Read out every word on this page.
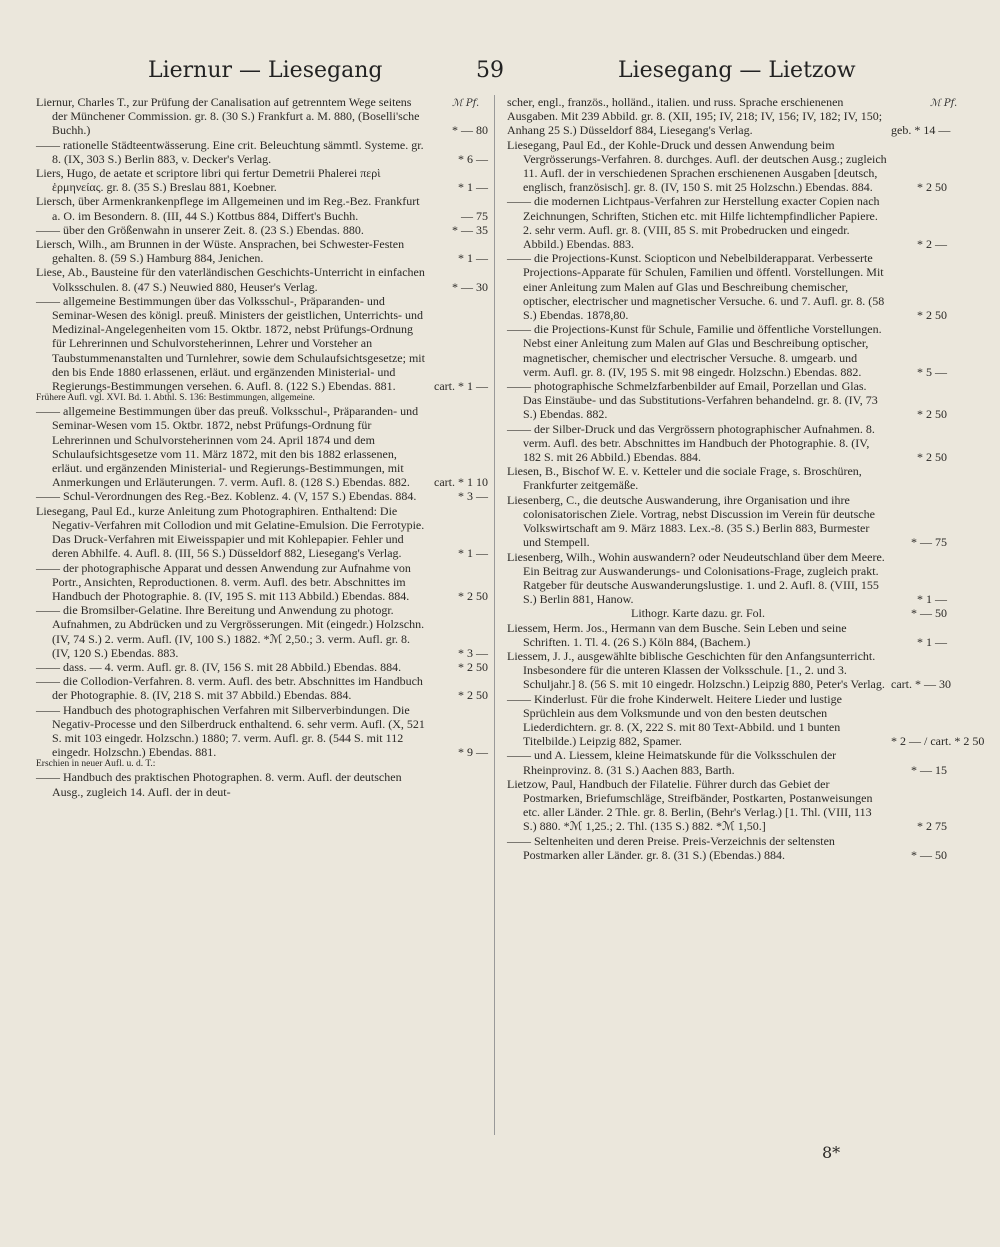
Liernur — Liesegang	59	Liesegang — Lietzow
ℳ Pf.	ℳ Pf.
Liernur, Charles T., zur Prüfung der Canalisation auf getrenntem Wege seitens der Münchener Commission. gr. 8. (30 S.) Frankfurt a. M. 880, (Boselli'sche Buchh.)	* — 80
—— rationelle Städteentwässerung. Eine crit. Beleuchtung sämmtl. Systeme. gr. 8. (IX, 303 S.) Berlin 883, v. Decker's Verlag.	* 6 —
Liers, Hugo, de aetate et scriptore libri qui fertur Demetrii Phalerei περὶ ἑρμηνείας. gr. 8. (35 S.) Breslau 881, Koebner.	* 1 —
Liersch, über Armenkrankenpflege im Allgemeinen und im Reg.-Bez. Frankfurt a. O. im Besondern. 8. (III, 44 S.) Kottbus 884, Differt's Buchh.	— 75
—— über den Größenwahn in unserer Zeit. 8. (23 S.) Ebendas. 880.	* — 35
Liersch, Wilh., am Brunnen in der Wüste. Ansprachen, bei Schwester-Festen gehalten. 8. (59 S.) Hamburg 884, Jenichen.	* 1 —
Liese, Ab., Bausteine für den vaterländischen Geschichts-Unterricht in einfachen Volksschulen. 8. (47 S.) Neuwied 880, Heuser's Verlag.	* — 30
—— allgemeine Bestimmungen über das Volksschul-, Präparanden- und Seminar-Wesen des königl. preuß. Ministers der geistlichen, Unterrichts- und Medizinal-Angelegenheiten vom 15. Oktbr. 1872, nebst Prüfungs-Ordnung für Lehrerinnen und Schulvorsteherinnen, Lehrer und Vorsteher an Taubstummenanstalten und Turnlehrer, sowie dem Schulaufsichtsgesetze; mit den bis Ende 1880 erlassenen, erläut. und ergänzenden Ministerial- und Regierungs-Bestimmungen versehen. 6. Aufl. 8. (122 S.) Ebendas. 881.	cart. * 1 —
Frühere Aufl. vgl. XVI. Bd. 1. Abthl. S. 136: Bestimmungen, allgemeine.
—— allgemeine Bestimmungen über das preuß. Volksschul-, Präparanden- und Seminar-Wesen vom 15. Oktbr. 1872, nebst Prüfungs-Ordnung für Lehrerinnen und Schulvorsteherinnen vom 24. April 1874 und dem Schulaufsichtsgesetze vom 11. März 1872, mit den bis 1882 erlassenen, erläut. und ergänzenden Ministerial- und Regierungs-Bestimmungen, mit Anmerkungen und Erläuterungen. 7. verm. Aufl. 8. (128 S.) Ebendas. 882.	cart. * 1 10
—— Schul-Verordnungen des Reg.-Bez. Koblenz. 4. (V, 157 S.) Ebendas. 884.	* 3 —
Liesegang, Paul Ed., kurze Anleitung zum Photographiren. Enthaltend: Die Negativ-Verfahren mit Collodion und mit Gelatine-Emulsion. Die Ferrotypie. Das Druck-Verfahren mit Eiweisspapier und mit Kohlepapier. Fehler und deren Abhilfe. 4. Aufl. 8. (III, 56 S.) Düsseldorf 882, Liesegang's Verlag.	* 1 —
—— der photographische Apparat und dessen Anwendung zur Aufnahme von Portr., Ansichten, Reproductionen. 8. verm. Aufl. des betr. Abschnittes im Handbuch der Photographie. 8. (IV, 195 S. mit 113 Abbild.) Ebendas. 884.	* 2 50
—— die Bromsilber-Gelatine. Ihre Bereitung und Anwendung zu photogr. Aufnahmen, zu Abdrücken und zu Vergrösserungen. Mit (eingedr.) Holzschn. (IV, 74 S.) 2. verm. Aufl. (IV, 100 S.) 1882. *ℳ 2,50.; 3. verm. Aufl. gr. 8. (IV, 120 S.) Ebendas. 883.	* 3 —
—— dass. — 4. verm. Aufl. gr. 8. (IV, 156 S. mit 28 Abbild.) Ebendas. 884.	* 2 50
—— die Collodion-Verfahren. 8. verm. Aufl. des betr. Abschnittes im Handbuch der Photographie. 8. (IV, 218 S. mit 37 Abbild.) Ebendas. 884.	* 2 50
—— Handbuch des photographischen Verfahren mit Silberverbindungen. Die Negativ-Processe und den Silberdruck enthaltend. 6. sehr verm. Aufl. (X, 521 S. mit 103 eingedr. Holzschn.) 1880; 7. verm. Aufl. gr. 8. (544 S. mit 112 eingedr. Holzschn.) Ebendas. 881.	* 9 —
Erschien in neuer Aufl. u. d. T.:
—— Handbuch des praktischen Photographen. 8. verm. Aufl. der deutschen Ausg., zugleich 14. Aufl. der in deut-
scher, engl., französ., holländ., italien. und russ. Sprache erschienenen Ausgaben. Mit 239 Abbild. gr. 8. (XII, 195; IV, 218; IV, 156; IV, 182; IV, 150; Anhang 25 S.) Düsseldorf 884, Liesegang's Verlag.	geb. * 14 —
Liesegang, Paul Ed., der Kohle-Druck und dessen Anwendung beim Vergrösserungs-Verfahren. 8. durchges. Aufl. der deutschen Ausg.; zugleich 11. Aufl. der in verschiedenen Sprachen erschienenen Ausgaben [deutsch, englisch, französisch]. gr. 8. (IV, 150 S. mit 25 Holzschn.) Ebendas. 884.	* 2 50
—— die modernen Lichtpaus-Verfahren zur Herstellung exacter Copien nach Zeichnungen, Schriften, Stichen etc. mit Hilfe lichtempfindlicher Papiere. 2. sehr verm. Aufl. gr. 8. (VIII, 85 S. mit Probedrucken und eingedr. Abbild.) Ebendas. 883.	* 2 —
—— die Projections-Kunst. Sciopticon und Nebelbilderapparat. Verbesserte Projections-Apparate für Schulen, Familien und öffentl. Vorstellungen. Mit einer Anleitung zum Malen auf Glas und Beschreibung chemischer, optischer, electrischer und magnetischer Versuche. 6. und 7. Aufl. gr. 8. (58 S.) Ebendas. 1878,80.	* 2 50
—— die Projections-Kunst für Schule, Familie und öffentliche Vorstellungen. Nebst einer Anleitung zum Malen auf Glas und Beschreibung optischer, magnetischer, chemischer und electrischer Versuche. 8. umgearb. und verm. Aufl. gr. 8. (IV, 195 S. mit 98 eingedr. Holzschn.) Ebendas. 882.	* 5 —
—— photographische Schmelzfarbenbilder auf Email, Porzellan und Glas. Das Einstäube- und das Substitutions-Verfahren behandelnd. gr. 8. (IV, 73 S.) Ebendas. 882.	* 2 50
—— der Silber-Druck und das Vergrössern photographischer Aufnahmen. 8. verm. Aufl. des betr. Abschnittes im Handbuch der Photographie. 8. (IV, 182 S. mit 26 Abbild.) Ebendas. 884.	* 2 50
Liesen, B., Bischof W. E. v. Ketteler und die sociale Frage, s. Broschüren, Frankfurter zeitgemäße.
Liesenberg, C., die deutsche Auswanderung, ihre Organisation und ihre colonisatorischen Ziele. Vortrag, nebst Discussion im Verein für deutsche Volkswirtschaft am 9. März 1883. Lex.-8. (35 S.) Berlin 883, Burmester und Stempell.	* — 75
Liesenberg, Wilh., Wohin auswandern? oder Neudeutschland über dem Meere. Ein Beitrag zur Auswanderungs- und Colonisations-Frage, zugleich prakt. Ratgeber für deutsche Auswanderungslustige. 1. und 2. Aufl. 8. (VIII, 155 S.) Berlin 881, Hanow.	* 1 —
Lithogr. Karte dazu. gr. Fol.	* — 50
Liessem, Herm. Jos., Hermann van dem Busche. Sein Leben und seine Schriften. 1. Tl. 4. (26 S.) Köln 884, (Bachem.)	* 1 —
Liessem, J. J., ausgewählte biblische Geschichten für den Anfangsunterricht. Insbesondere für die unteren Klassen der Volksschule. [1., 2. und 3. Schuljahr.] 8. (56 S. mit 10 eingedr. Holzschn.) Leipzig 880, Peter's Verlag. cart. * — 30
—— Kinderlust. Für die frohe Kinderwelt. Heitere Lieder und lustige Sprüchlein aus dem Volksmunde und von den besten deutschen Liederdichtern. gr. 8. (X, 222 S. mit 80 Text-Abbild. und 1 bunten Titelbilde.) Leipzig 882, Spamer.	* 2 — / cart. * 2 50
—— und A. Liessem, kleine Heimatskunde für die Volksschulen der Rheinprovinz. 8. (31 S.) Aachen 883, Barth.	* — 15
Lietzow, Paul, Handbuch der Filatelie. Führer durch das Gebiet der Postmarken, Briefumschläge, Streifbänder, Postkarten, Postanweisungen etc. aller Länder. 2 Thle. gr. 8. Berlin, (Behr's Verlag.) [1. Thl. (VIII, 113 S.) 880. *ℳ 1,25.; 2. Thl. (135 S.) 882. *ℳ 1,50.]	* 2 75
—— Seltenheiten und deren Preise. Preis-Verzeichnis der seltensten Postmarken aller Länder. gr. 8. (31 S.) (Ebendas.) 884.	* — 50
8*
